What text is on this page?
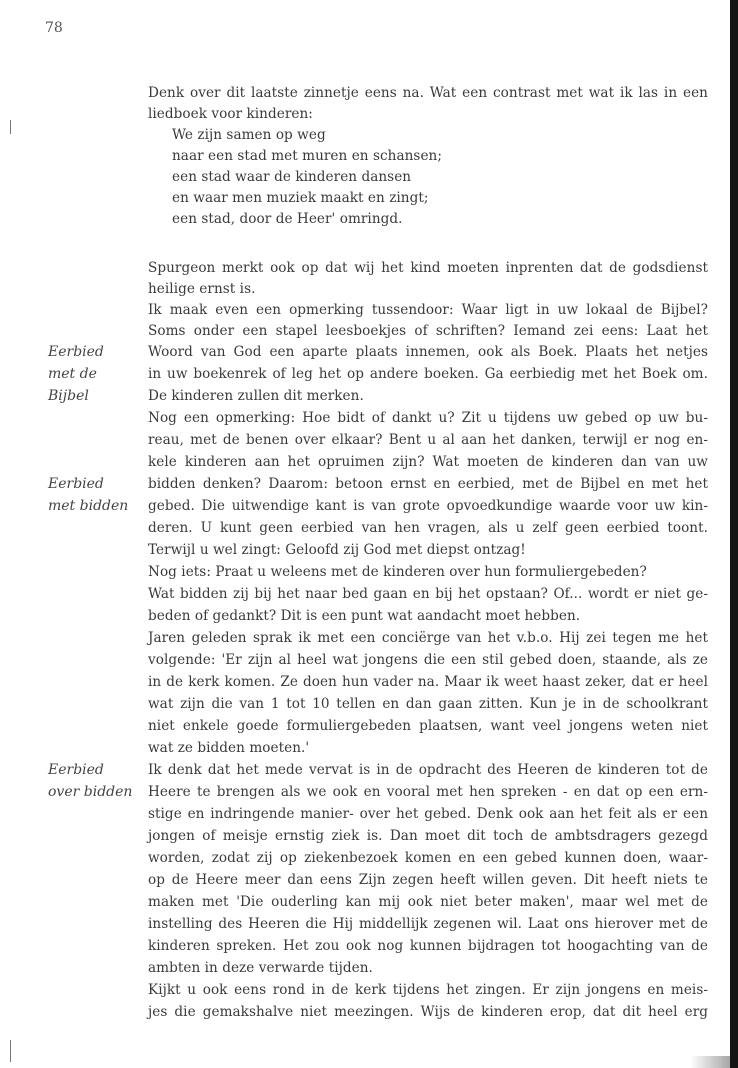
78

Denk over dit laatste zinnetje eens na. Wat een contrast met wat ik las in een

liedboek voor kinderen:

We zijn samen op weg

naar een stad met muren en schansen;

een stad waar de kinderen dansen

en waar men muziek maakt en zingt;

een stad, door de Heer' omringd.

Eerbied

met de

Bijbel

Eerbied

met bidden

Eerbied

over bidden

Spurgeon merkt ook op dat wij het kind moeten inprenten dat de godsdienst

heilige ernst is.

Ik maak even een opmerking tussendoor: Waar ligt in uw lokaal de Bijbel?

Soms onder een stapel leesboekjes of schriften? Iemand zei eens: Laat het

Woord van God een aparte plaats innemen, ook als Boek. Plaats het netjes

in uw boekenrek of leg het op andere boeken. Ga eerbiedig met het Boek om.

De kinderen zullen dit merken.

Nog een opmerking: Hoe bidt of dankt u? Zit u tijdens uw gebed op uw bu-

reau, met de benen over elkaar? Bent u al aan het danken, terwijl er nog en-

kele kinderen aan het opruimen zijn? Wat moeten de kinderen dan van uw

bidden denken? Daarom: betoon ernst en eerbied, met de Bijbel en met het

gebed. Die uitwendige kant is van grote opvoedkundige waarde voor uw kin-

deren. U kunt geen eerbied van hen vragen, als u zelf geen eerbied toont.

Terwijl u wel zingt: Geloofd zij God met diepst ontzag!

Nog iets: Praat u weleens met de kinderen over hun formuliergebeden?

Wat bidden zij bij het naar bed gaan en bij het opstaan? Of... wordt er niet ge-

beden of gedankt? Dit is een punt wat aandacht moet hebben.

Jaren geleden sprak ik met een conciërge van het v.b.o. Hij zei tegen me het

volgende: 'Er zijn al heel wat jongens die een stil gebed doen, staande, als ze

in de kerk komen. Ze doen hun vader na. Maar ik weet haast zeker, dat er heel

wat zijn die van 1 tot 10 tellen en dan gaan zitten. Kun je in de schoolkrant

niet enkele goede formuliergebeden plaatsen, want veel jongens weten niet

wat ze bidden moeten.'

Ik denk dat het mede vervat is in de opdracht des Heeren de kinderen tot de

Heere te brengen als we ook en vooral met hen spreken - en dat op een ern-

stige en indringende manier- over het gebed. Denk ook aan het feit als er een

jongen of meisje ernstig ziek is. Dan moet dit toch de ambtsdragers gezegd

worden, zodat zij op ziekenbezoek komen en een gebed kunnen doen, waar-

op de Heere meer dan eens Zijn zegen heeft willen geven. Dit heeft niets te

maken met 'Die ouderling kan mij ook niet beter maken', maar wel met de

instelling des Heeren die Hij middellijk zegenen wil. Laat ons hierover met de

kinderen spreken. Het zou ook nog kunnen bijdragen tot hoogachting van de

ambten in deze verwarde tijden.

Kijkt u ook eens rond in de kerk tijdens het zingen. Er zijn jongens en meis-

jes die gemakshalve niet meezingen. Wijs de kinderen erop, dat dit heel erg
